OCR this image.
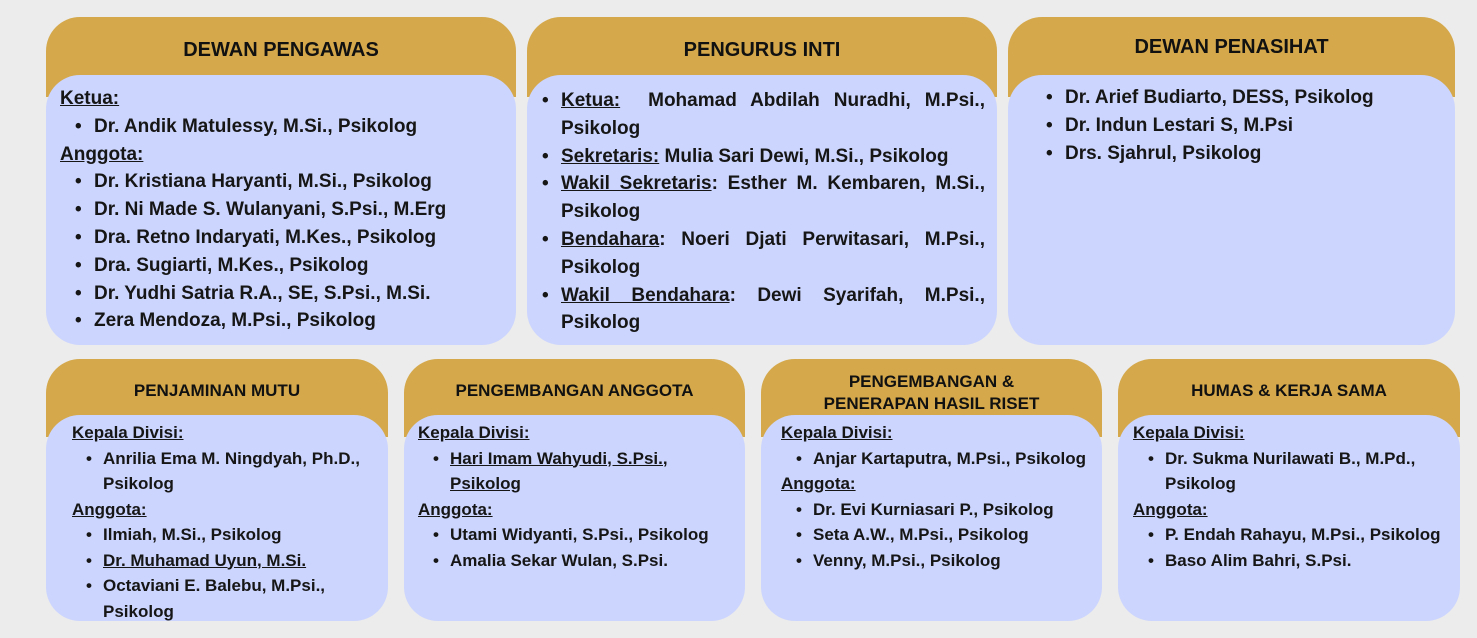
DEWAN PENGAWAS
Ketua:
• Dr. Andik Matulessy, M.Si., Psikolog
Anggota:
• Dr. Kristiana Haryanti, M.Si., Psikolog
• Dr. Ni Made S. Wulanyani, S.Psi., M.Erg
• Dra. Retno Indaryati, M.Kes., Psikolog
• Dra. Sugiarti, M.Kes., Psikolog
• Dr. Yudhi Satria R.A., SE, S.Psi., M.Si.
• Zera Mendoza, M.Psi., Psikolog
PENGURUS INTI
• Ketua: Mohamad Abdilah Nuradhi, M.Psi., Psikolog
• Sekretaris: Mulia Sari Dewi, M.Si., Psikolog
• Wakil Sekretaris: Esther M. Kembaren, M.Si., Psikolog
• Bendahara: Noeri Djati Perwitasari, M.Psi., Psikolog
• Wakil Bendahara: Dewi Syarifah, M.Psi., Psikolog
DEWAN PENASIHAT
• Dr. Arief Budiarto, DESS, Psikolog
• Dr. Indun Lestari S, M.Psi
• Drs. Sjahrul, Psikolog
PENJAMINAN MUTU
Kepala Divisi:
• Anrilia Ema M. Ningdyah, Ph.D., Psikolog
Anggota:
• Ilmiah, M.Si., Psikolog
• Dr. Muhamad Uyun, M.Si.
• Octaviani E. Balebu, M.Psi., Psikolog
PENGEMBANGAN ANGGOTA
Kepala Divisi:
• Hari Imam Wahyudi, S.Psi., Psikolog
Anggota:
• Utami Widyanti, S.Psi., Psikolog
• Amalia Sekar Wulan, S.Psi.
PENGEMBANGAN &
PENERAPAN HASIL RISET
Kepala Divisi:
• Anjar Kartaputra, M.Psi., Psikolog
Anggota:
• Dr. Evi Kurniasari P., Psikolog
• Seta A.W., M.Psi., Psikolog
• Venny, M.Psi., Psikolog
HUMAS & KERJA SAMA
Kepala Divisi:
• Dr. Sukma Nurilawati B., M.Pd., Psikolog
Anggota:
• P. Endah Rahayu, M.Psi., Psikolog
• Baso Alim Bahri, S.Psi.
